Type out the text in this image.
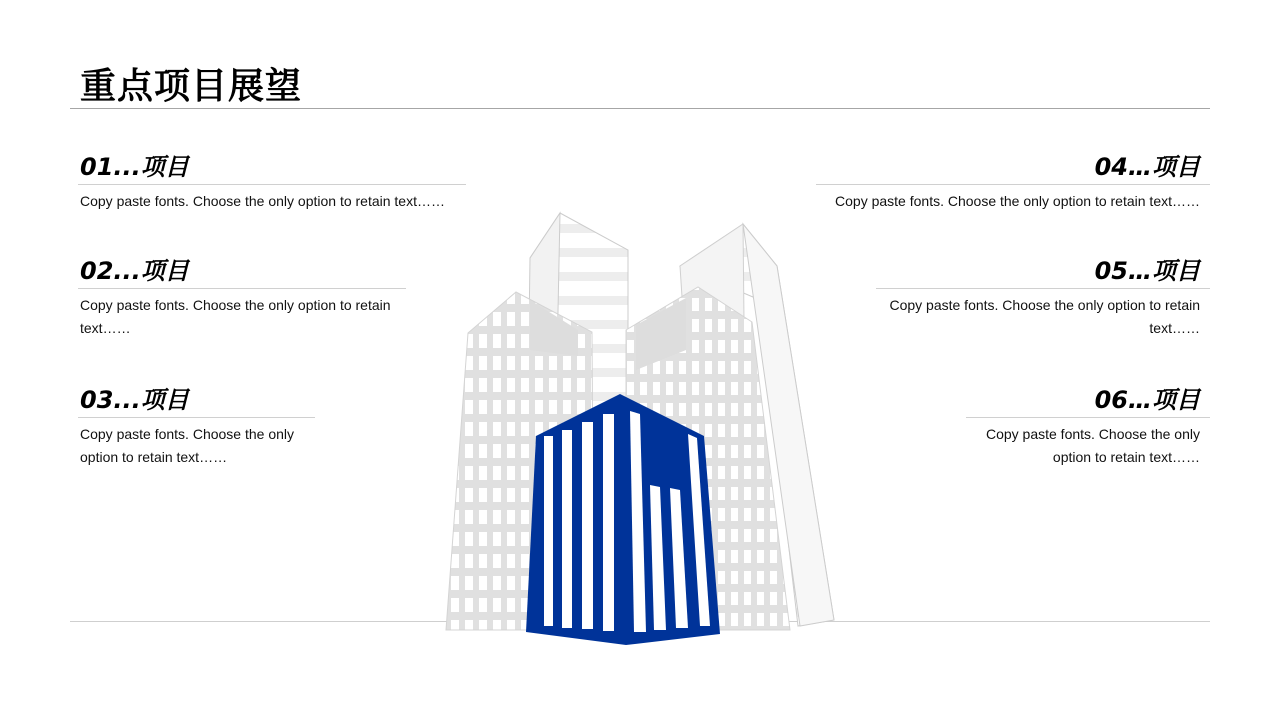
重点项目展望
01...项目
Copy paste fonts. Choose the only option to retain text……
02...项目
Copy paste fonts. Choose the only option to retain text……
03...项目
Copy paste fonts. Choose the only option to retain text……
04…项目
Copy paste fonts. Choose the only option to retain text……
05…项目
Copy paste fonts. Choose the only option to retain text……
06…项目
Copy paste fonts. Choose the only option to retain text……
